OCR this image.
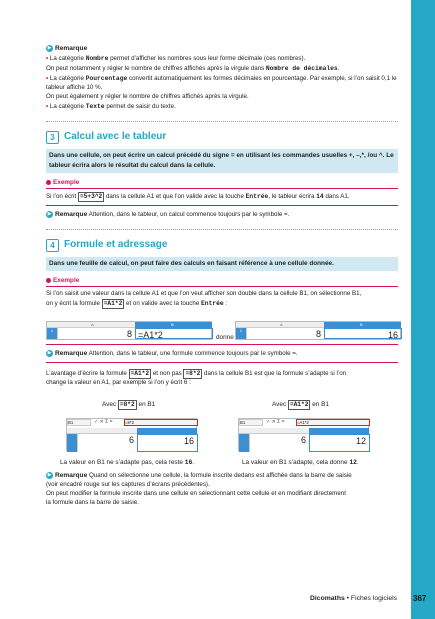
▶ Remarque
• La catégorie Nombre permet d’afficher les nombres sous leur forme décimale (ces nombres).
On peut notamment y régler le nombre de chiffres affichés après la virgule dans Nombre de décimales.
• La catégorie Pourcentage convertit automatiquement les formes décimales en pourcentage. Par exemple, si l’on saisit 0,1 le tableur affiche 10 %.
On peut également y régler le nombre de chiffres affichés après la virgule.
• La catégorie Texte permet de saisir du texte.
3 Calcul avec le tableur
Dans une cellule, on peut écrire un calcul précédé du signe = en utilisant les commandes usuelles +, –,*, /ou ^. Le tableur écrira alors le résultat du calcul dans la cellule.
Exemple
Si l’on écrit =5+3^2 dans la cellule A1 et que l’on valide avec la touche Entrée, le tableur écrira 14 dans A1.
▶ Remarque Attention, dans le tableur, un calcul commence toujours par le symbole =.
4 Formule et adressage
Dans une feuille de calcul, on peut faire des calculs en faisant référence à une cellule donnée.
Exemple
Si l’on saisit une valeur dans la cellule A1 et que l’on veut afficher son double dans la cellule B1, on sélectionne B1,
on y écrit la formule =A1*2 et on valide avec la touche Entrée :
▶ Remarque Attention, dans le tableur, une formule commence toujours par le symbole =.
L’avantage d’écrire la formule =A1*2 et non pas =8*2 dans la cellule B1 est que la formule s’adapte si l’on
change la valeur en A1, par exemple si l’on y écrit 6 :
A	B
1	8 =A1*2	donne
A	B
1	8	16
Avec =8*2 en B1	Avec =A1*2 en B1
B1	✓ ✕ Σ =	=8*2
6	16
B1	✓ ✕ Σ =	=A1*2
6	12
La valeur en B1 ne s’adapte pas, cela reste 16.	La valeur en B1 s’adapte, cela donne 12.
▶ Remarque Quand on sélectionne une cellule, la formule inscrite dedans est affichée dans la barre de saisie
(voir encadré rouge sur les captures d’écrans précédentes).
On peut modifier la formule inscrite dans une cellule en sélectionnant cette cellule et en modifiant directement
la formule dans la barre de saisie.
Dicomaths • Fiches logiciels 367
